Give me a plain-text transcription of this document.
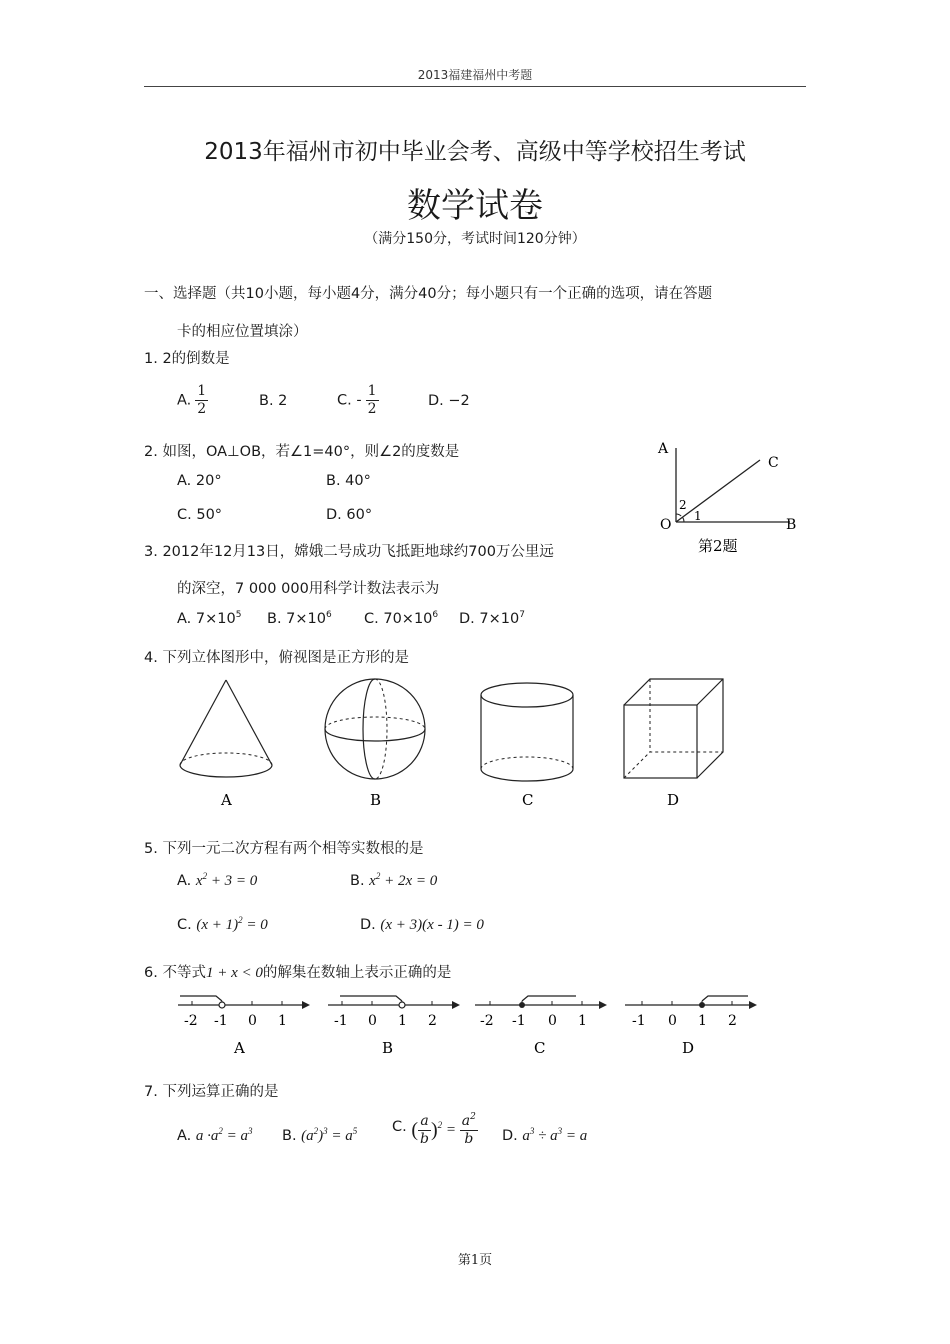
2013福建福州中考题
2013年福州市初中毕业会考、高级中等学校招生考试
数学试卷
（满分150分，考试时间120分钟）
一、选择题（共10小题，每小题4分，满分40分；每小题只有一个正确的选项，请在答题
卡的相应位置填涂）
1. 2的倒数是
A. $\frac{1}{2}$	B. 2	C. - $\frac{1}{2}$	D. −2
2. 如图，OA⊥OB，若∠1=40°，则∠2的度数是
A. 20°	B. 40°
C. 50°	D. 60°
A
C
O	B
1
2
第2题
3. 2012年12月13日，嫦娥二号成功飞抵距地球约700万公里远
的深空，7 000 000用科学计数法表示为
A. $7\times 10^5$ B. $7\times 10^6$ C. $70\times 10^6$ D. $7\times 10^7$
4. 下列立体图形中，俯视图是正方形的是
A	B	C	D
5. 下列一元二次方程有两个相等实数根的是
A. $x^2 + 3 = 0$	B. $x^2 + 2x = 0$
C. $(x + 1)^2 = 0$	D. (x + 3)(x - 1) = 0
6. 不等式1 + x < 0的解集在数轴上表示正确的是
-2 -1 0 1
A
-1 0 1 2
B
-2 -1 0 1
C
-1 0 1 2
D
7. 下列运算正确的是
A. $a \cdot a^2 = a^3$ B. $(a^2)^3 = a^5$ C. ( $\frac{a}{b} )^2 = \frac{a^2}{b} D$. $a^3 \div a^3 = a$
第1页
